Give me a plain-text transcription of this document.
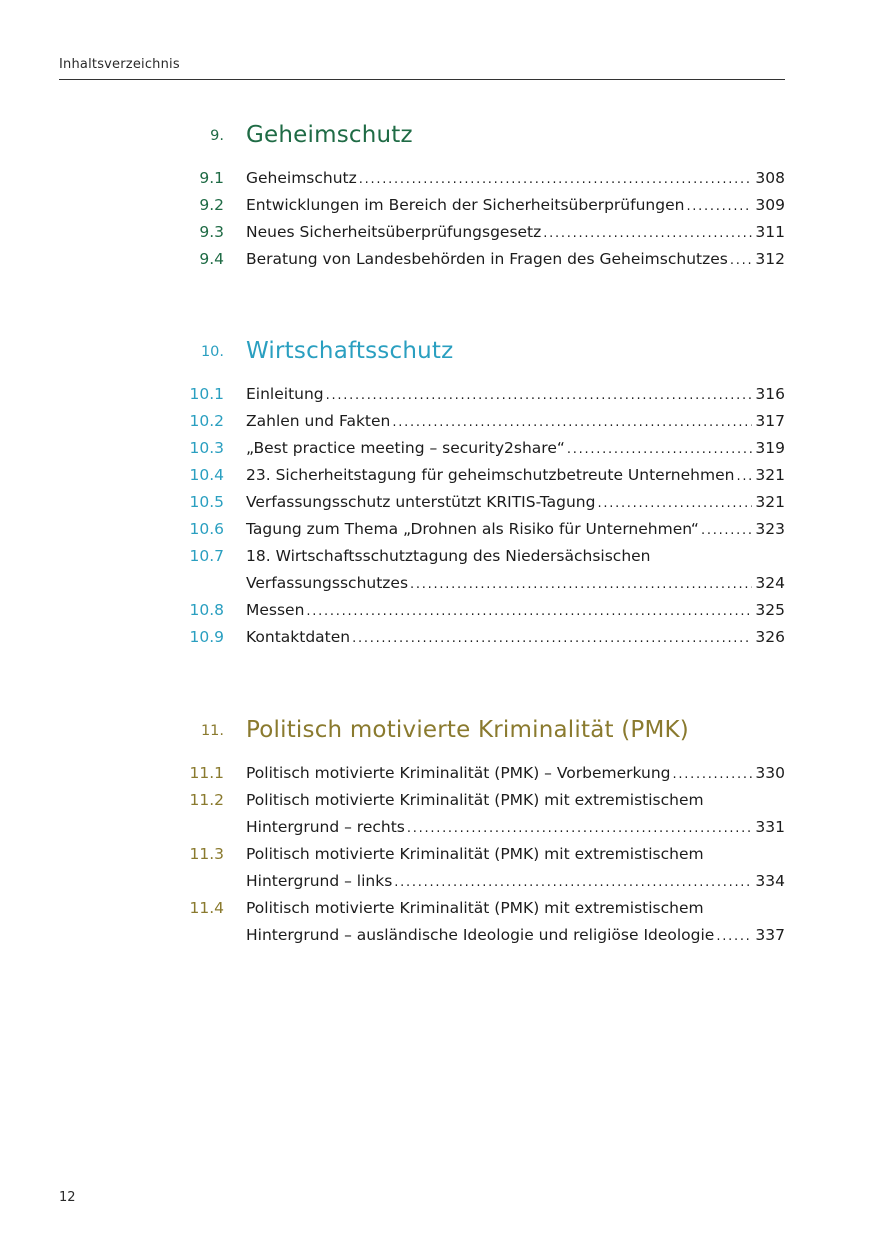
Inhaltsverzeichnis
9. Geheimschutz
9.1 Geheimschutz . . .	308
9.2 Entwicklungen im Bereich der Sicherheitsüberprüfungen . . .	309
9.3 Neues Sicherheitsüberprüfungsgesetz . . .	311
9.4 Beratung von Landesbehörden in Fragen des Geheimschutzes . . . 312
10. Wirtschaftsschutz
10.1 Einleitung . . .	316
10.2 Zahlen und Fakten . . .	317
10.3 „Best practice meeting – security2share“ . . .	319
10.4 23. Sicherheitstagung für geheimschutzbetreute Unternehmen . . . 321
10.5 Verfassungsschutz unterstützt KRITIS-Tagung . . .	321
10.6 Tagung zum Thema „Drohnen als Risiko für Unternehmen“ . . .	323
10.7 18. Wirtschaftsschutztagung des Niedersächsischen
Verfassungsschutzes . . .	324
10.8 Messen . . .	325
10.9 Kontaktdaten . . .	326
11. Politisch motivierte Kriminalität (PMK)
11.1 Politisch motivierte Kriminalität (PMK) – Vorbemerkung . . .	330
11.2 Politisch motivierte Kriminalität (PMK) mit extremistischem
Hintergrund – rechts . . .	331
11.3 Politisch motivierte Kriminalität (PMK) mit extremistischem
Hintergrund – links . . .	334
11.4 Politisch motivierte Kriminalität (PMK) mit extremistischem
Hintergrund – ausländische Ideologie und religiöse Ideologie . . .	337
12
